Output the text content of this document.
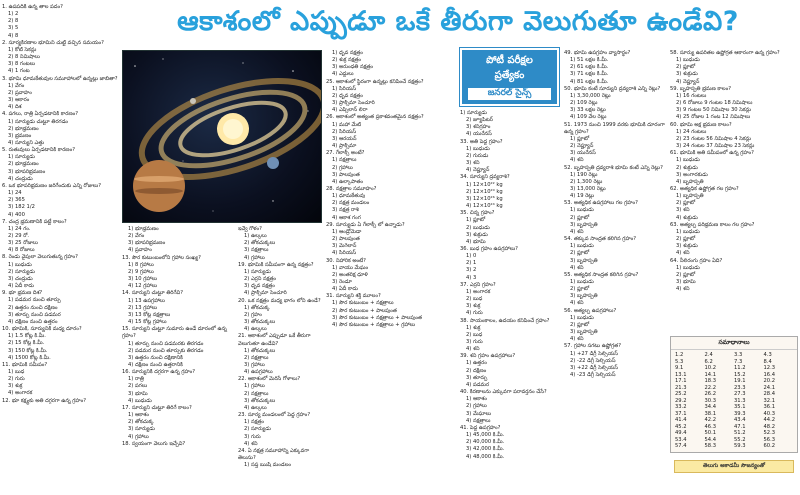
ఆకాశంలో ఎప్పుడూ ఒకే తీరుగా వెలుగుతూ ఉండేవి?
పోటీ పరీక్షల
ప్రత్యేకం
జనరల్ సైన్స్
1. ఉపపదికి ఉన్న తాల పదం?
1) 2
2) 8
3) 5
4) 8
2. సూర్యకిరణాల భూమిని చుట్టి వచ్చిన సమయం?
1) కోటి సెకన్లు
2) 8 నిమిషాలు
3) 8 గంటలు
4) 1 గంట
3. భూమి ధూమకేతువుల సమూహాలలో ఉన్నట్లు జాబితా?
1) వేగం
2) ప్రవాహం
3) ఆకారం
4) దిశ
4. పగలు, రాత్రి ఏర్పడటానికి కారణం?
1) సూర్యుడు చుట్టూ తిరగడం
2) భూభ్రమణం
3) భ్రమణం
4) సూర్యుని ఎత్తు
5. రుతువులు ఏర్పడటానికి కారణం?
1) సూర్యుడు
2) భూభ్రమణం
3) భూపరిభ్రమణం
4) చంద్రుడు
6. ఒక భూపరిభ్రమణం జరిగేందుకు ఎన్ని రోజులు?
1) 24
2) 365
3) 182 1/2
4) 400
7. చంద్ర భ్రమణానికి పట్టే కాలం?
1) 24 గం.
2) 29 రో.
3) 25 రోజులు
4) 8 రోజులు
8. రెండు వైపులా వెలుగుతున్న గ్రహం?
1) బుధుడు
2) సూర్యుడు
3) చంద్రుడు
4) ఏదీ కాదు
9. భూ భ్రమణ దిశ?
1) పడమర నుంచి తూర్పు
2) ఉత్తరం నుంచి దక్షిణం
3) తూర్పు నుంచి పడమర
4) దక్షిణం నుంచి ఉత్తరం
10. భూమికి, సూర్యునికి మధ్య దూరం?
1) 1.5 కోట్ల కి.మీ.
2) 15 కోట్ల కి.మీ.
3) 150 కోట్ల కి.మీ.
4) 1500 కోట్ల కి.మీ.
11. భూమికి సమీపం?
1) బుధ
2) గురు
3) శుక్ర
4) అంగారక
12. భూ కక్ష్యకు అతి దగ్గరగా ఉన్న గ్రహం?
1) భూభ్రమణం
2) వేగం
3) భూపరిభ్రమణం
4) ప్రవాహం
13. సౌర కుటుంబంలోని గ్రహాల సంఖ్య?
1) 8 గ్రహాలు
2) 9 గ్రహాలు
3) 10 గ్రహాలు
4) 12 గ్రహాలు
14. సూర్యుని చుట్టూ తిరిగేవి?
1) 13 ఉపగ్రహాలు
2) 13 గ్రహాలు
3) 13 కోట్ల నక్షత్రాలు
4) 15 కోట్ల గ్రహాలు
15. సూర్యుని చుట్టూ సుమారు ఉండే దూరంలో ఉన్న గ్రహం?
1) తూర్పు నుంచి పడమరకు తిరగడం
2) పడమర నుంచి తూర్పుకు తిరగడం
3) ఉత్తరం నుంచి దక్షిణానికి
4) దక్షిణం నుంచి ఉత్తరానికి
16. సూర్యునికి దగ్గరగా ఉన్న గ్రహం?
1) రాత్రి
2) పగలు
3) భూమి
4) బుధుడు
17. సూర్యుని చుట్టూ తిరిగే కాలం?
1) ఆకాశం
2) తోకచుక్క
3) సూర్యుడు
4) గ్రహాలు
18. స్వయంగా వెలుగు ఇచ్చేవి?
ఇవ్వే గోళం?
1) ఉల్కలు
2) తోకచుక్కలు
3) నక్షత్రాలు
4) గ్రహాలు
19. భూమికి సమీపంగా ఉన్న నక్షత్రం?
1) సూర్యుడు
2) ఎర్రని నక్షత్రం
3) ధృవ నక్షత్రం
4) ప్రాక్సిమా సెంచూరి
20. ఒక నక్షత్రం మధ్య భాగం లోని ఉండే?
1) తోకచుక్క
2) గ్రహం
3) తోకచుక్కలు
4) ఉల్కలు
21. ఆకాశంలో ఎప్పుడూ ఒకే తీరుగా వెలుగుతూ ఉండేవి?
1) తోకచుక్కలు
2) నక్షత్రాలు
3) గ్రహాలు
4) ఉపగ్రహాలు
22. ఆకాశంలో మెరిసే గోళాలు?
1) గ్రహాలు
2) నక్షత్రాలు
3) తోకచుక్కలు
4) ఉల్కలు
23. సూర్య మండలంలో పెద్ద గ్రహం?
1) నక్షత్రం
2) సూర్యుడు
3) గురు
4) శని
24. ఏ నక్షత్ర సమూహాన్ని ఎక్కువగా తెలుసు?
1) సప్త ఋషి మండలం
1) ధృవ నక్షత్రం
2) శుక్ర నక్షత్రం
3) అరుంధతి నక్షత్రం
4) ఎద్దులు
25. ఆకాశంలో స్థిరంగా ఉన్నట్లు కనిపించే నక్షత్రం?
1) సిరియస్
2) ధృవ నక్షత్రం
3) ప్రాక్సిమా సెంచూరి
4) ఎప్సిలాన్ లిరా
26. ఆకాశంలో అత్యంత ప్రకాశవంతమైన నక్షత్రం?
1) మహా మేటి
2) సిరియస్
3) ఆరయన్
4) ప్రాక్సిమా
27. గేలాక్సీ అంటే?
1) నక్షత్రాలు
2) గ్రహాలు
3) పాలపుంత
4) ఉల్కాపాతం
28. నక్షత్రాల సమూహం?
1) ధూమకేతువు
2) నక్షత్ర మండలం
3) నక్షత్ర రాశి
4) ఆకాశ గంగ
29. సూర్యుడు ఏ గేలాక్సీ లో ఉన్నాడు?
1) ఆండ్రోమెడా
2) పాలపుంత
3) మెగెలాన్
4) సిరియస్
30. నిహారిక అంటే?
1) వాయు మేఘం
2) అంతరిక్ష ధూళి
3) రెండూ
4) ఏదీ కాదు
31. సూర్యుని శక్తి మూలం?
1) సౌర కుటుంబం + నక్షత్రాలు
2) సౌర కుటుంబం + పాలపుంత
3) సౌర కుటుంబం + నక్షత్రాలు + పాలపుంత
4) సౌర కుటుంబం + నక్షత్రాలు + గ్రహాలు
1) సూర్యుడు
2) జ్యూపిటర్
3) శనిగ్రహం
4) యురేనస్
33. అతి పెద్ద గ్రహం?
1) బుధుడు
2) గురుడు
3) శని
4) నెప్ట్యూన్
34. సూర్యుని ద్రవ్యరాశి?
1) 12×10²² kg
2) 12×10²⁰ kg
3) 12×10²⁶ kg
4) 12×10²⁴ kg
35. చిన్న గ్రహం?
1) ప్లూటో
2) బుధుడు
3) శుక్రుడు
4) భూమి
36. బుధ గ్రహం ఉపగ్రహాలు?
1) 0
2) 1
3) 2
4) 3
37. ఎర్రని గ్రహం?
1) అంగారక
2) బుధ
3) శుక్ర
4) గురు
38. సాయంకాలం, ఉదయం కనిపించే గ్రహం?
1) శుక్ర
2) బుధ
3) గురు
4) శని
39. శని గ్రహం ఉపగ్రహాలు?
1) ఉత్తరం
2) దక్షిణం
3) తూర్పు
4) పడమర
40. కిరణాలను ఎక్కువగా పరావర్తనం చేసే?
1) ఆకాశం
2) గ్రహాలు
3) మేఘాలు
4) నక్షత్రాలు
41. పెద్ద ఉపగ్రహం?
1) 45,000 కి.మీ.
2) 40,000 కి.మీ.
3) 42,000 కి.మీ.
4) 48,000 కి.మీ.
49. భూమి ఉపగ్రహం వ్యాసార్థం?
1) 51 లక్షల కి.మీ.
2) 61 లక్షల కి.మీ.
3) 71 లక్షల కి.మీ.
4) 81 లక్షల కి.మీ.
50. భూమి కంటే సూర్యుని ద్రవ్యరాశి ఎన్ని రెట్లు?
1) 3,30,000 రెట్లు
2) 109 రెట్లు
3) 33 లక్షల రెట్లు
4) 109 వేల రెట్లు
51. 1973 నుంచి 1999 వరకు భూమికి దూరంగా ఉన్న గ్రహం?
1) ప్లూటో
2) నెప్ట్యూన్
3) యురేనస్
4) శని
52. బృహస్పతి ద్రవ్యరాశి భూమి కంటే ఎన్ని రెట్లు?
1) 190 రెట్లు
2) 1,300 రెట్లు
3) 13,000 రెట్లు
4) 19 రెట్లు
53. అత్యధిక ఉపగ్రహాలు గల గ్రహం?
1) బుధుడు
2) ప్లూటో
3) బృహస్పతి
4) శని
54. తక్కువ సాంద్రత కలిగిన గ్రహం?
1) బుధుడు
2) ప్లూటో
3) బృహస్పతి
4) శని
55. అత్యధిక సాంద్రత కలిగిన గ్రహం?
1) బుధుడు
2) ప్లూటో
3) బృహస్పతి
4) శని
56. అత్యల్ప ఉపగ్రహాలు?
1) బుధుడు
2) ప్లూటో
3) బృహస్పతి
4) శని
57. గ్రహాల సగటు ఉష్ణోగ్రత?
1) +27 డిగ్రీ సెల్సియస్
2) -22 డిగ్రీ సెల్సియస్
3) +22 డిగ్రీ సెల్సియస్
4) -23 డిగ్రీ సెల్సియస్
58. సూర్యు ఉపరితల ఉష్ణోగ్రత ఆకారంగా ఉన్న గ్రహం?
1) బుధుడు
2) ప్లూటో
3) శుక్రుడు
4) నెప్ట్యూన్
59. బృహస్పతి భ్రమణ కాలం?
1) 16 గంటలు
2) 6 రోజులు 9 గంటల 18 నిమిషాలు
3) 9 గంటల 50 నిమిషాల 30 సెకన్లు
4) 25 రోజుల 1 గంట 12 నిమిషాలు
60. భూమి అక్ష భ్రమణ కాలం?
1) 24 గంటలు
2) 23 గంటల 56 నిమిషాల 4 సెకన్లు
3) 24 గంటల 37 నిమిషాల 23 సెకన్లు
61. భూమికి అతి సమీపంలో ఉన్న గ్రహం?
1) బుధుడు
2) శుక్రుడు
3) అంగారకుడు
4) బృహస్పతి
62. అత్యధిక ఉష్ణోగ్రత గల గ్రహం?
1) బృహస్పతి
2) ప్లూటో
3) శని
4) శుక్రుడు
63. అత్యల్ప పరిభ్రమణ కాలం గల గ్రహం?
1) బుధుడు
2) ప్లూటో
3) శుక్రుడు
4) శని
64. నీలిరంగు గ్రహం ఏది?
1) బుధుడు
2) ప్లూటో
3) భూమి
4) శని
సమాధానాలు
1.2	2.4	3.3	4.3
5.3	6.2	7.3	8.4
9.1	10.2	11.2	12.3
13.1	14.1	15.2	16.4
17.1	18.3	19.1	20.2
21.3	22.2	23.3	24.1
25.2	26.2	27.3	28.4
29.2	30.3	31.3	32.1
33.2	34.4	35.1	36.1
37.1	38.1	39.3	40.3
41.4	42.2	43.4	44.2
45.2	46.3	47.1	48.2
49.4	50.1	51.2	52.3
53.4	54.4	55.2	56.3
57.4	58.3	59.3	60.2
తెలుగు అకాడమీ సౌజన్యంతో
